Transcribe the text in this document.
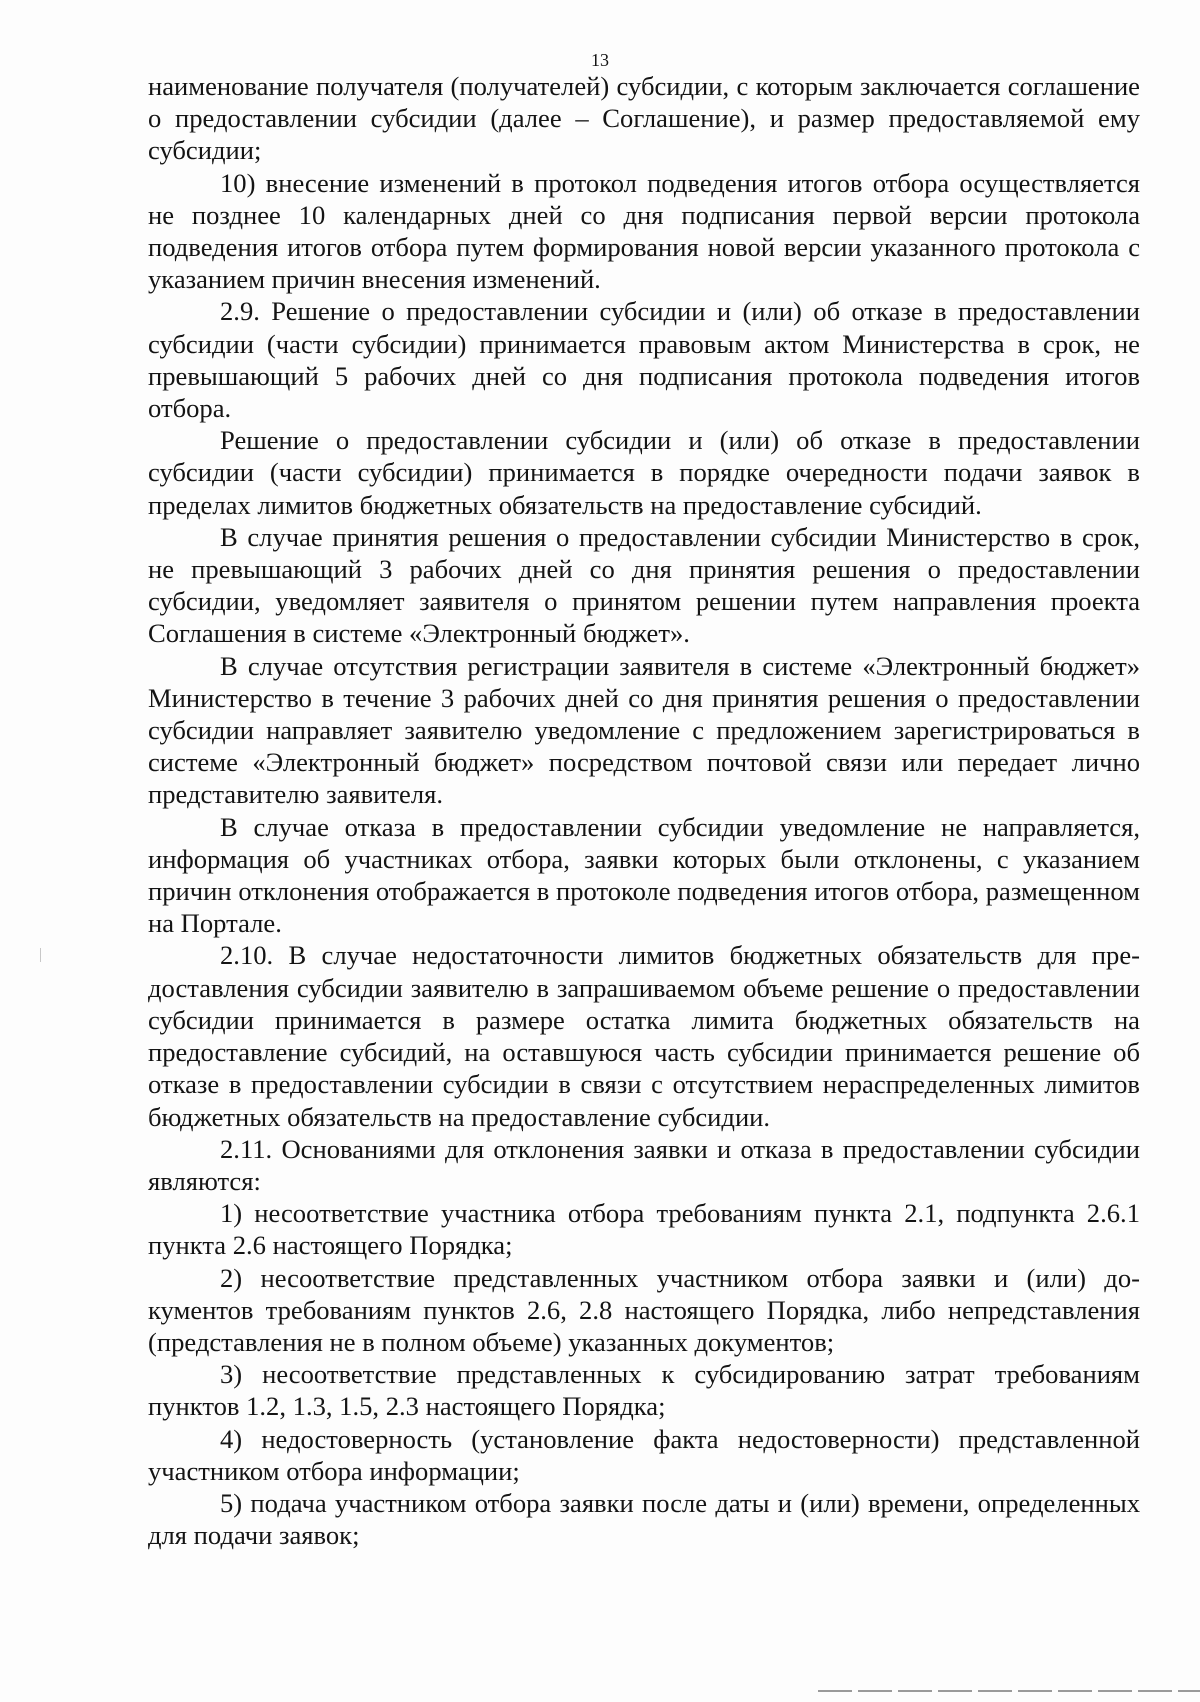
13

наименование получателя (получателей) субсидии, с которым заключается соглашение о предоставлении субсидии (далее – Соглашение), и размер предоставляемой ему субсидии;

10) внесение изменений в протокол подведения итогов отбора осуществляется не позднее 10 календарных дней со дня подписания первой версии протокола подведения итогов отбора путем формирования новой версии указанного протокола с указанием причин внесения изменений.

2.9. Решение о предоставлении субсидии и (или) об отказе в предоставлении субсидии (части субсидии) принимается правовым актом Министерства в срок, не превышающий 5 рабочих дней со дня подписания протокола подведения итогов отбора.

Решение о предоставлении субсидии и (или) об отказе в предоставлении субсидии (части субсидии) принимается в порядке очередности подачи заявок в пределах лимитов бюджетных обязательств на предоставление субсидий.

В случае принятия решения о предоставлении субсидии Министерство в срок, не превышающий 3 рабочих дней со дня принятия решения о предоставлении субсидии, уведомляет заявителя о принятом решении путем направления проекта Соглашения в системе «Электронный бюджет».

В случае отсутствия регистрации заявителя в системе «Электронный бюджет» Министерство в течение 3 рабочих дней со дня принятия решения о предоставлении субсидии направляет заявителю уведомление с предложением зарегистрироваться в системе «Электронный бюджет» посредством почтовой связи или передает лично представителю заявителя.

В случае отказа в предоставлении субсидии уведомление не направляется, информация об участниках отбора, заявки которых были отклонены, с указанием причин отклонения отображается в протоколе подведения итогов отбора, размещенном на Портале.

2.10. В случае недостаточности лимитов бюджетных обязательств для предоставления субсидии заявителю в запрашиваемом объеме решение о предоставлении субсидии принимается в размере остатка лимита бюджетных обязательств на предоставление субсидий, на оставшуюся часть субсидии принимается решение об отказе в предоставлении субсидии в связи с отсутствием нераспределенных лимитов бюджетных обязательств на предоставление субсидии.

2.11. Основаниями для отклонения заявки и отказа в предоставлении субсидии являются:

1) несоответствие участника отбора требованиям пункта 2.1, подпункта 2.6.1 пункта 2.6 настоящего Порядка;

2) несоответствие представленных участником отбора заявки и (или) документов требованиям пунктов 2.6, 2.8 настоящего Порядка, либо непредставления (представления не в полном объеме) указанных документов;

3) несоответствие представленных к субсидированию затрат требованиям пунктов 1.2, 1.3, 1.5, 2.3 настоящего Порядка;

4) недостоверность (установление факта недостоверности) представленной участником отбора информации;

5) подача участником отбора заявки после даты и (или) времени, определенных для подачи заявок;
